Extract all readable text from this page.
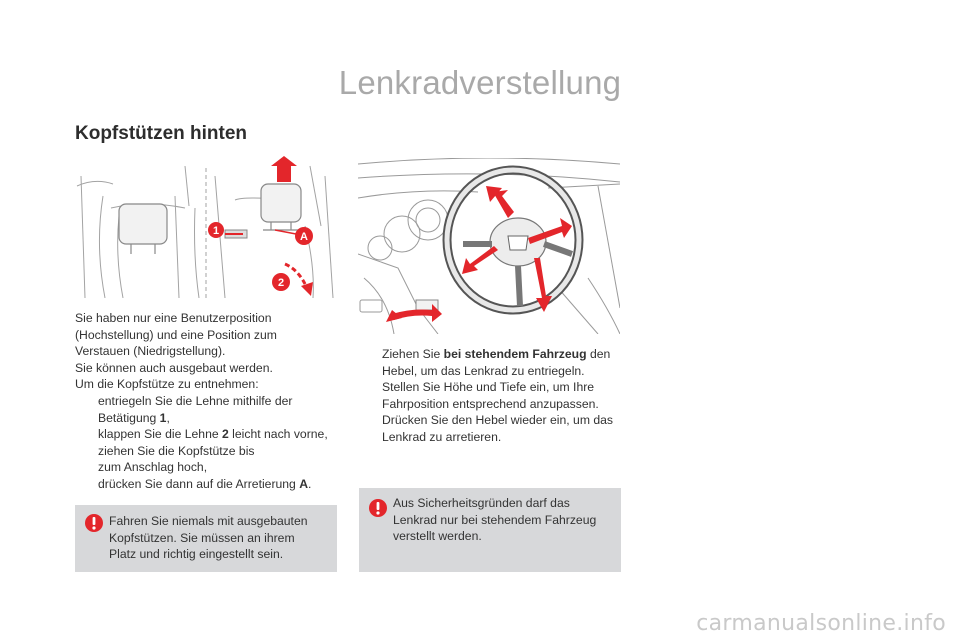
Lenkradverstellung
Kopfstützen hinten
1	A
2
Sie haben nur eine Benutzerposition
(Hochstellung) und eine Position zum
Verstauen (Niedrigstellung).
Sie können auch ausgebaut werden.
Um die Kopfstütze zu entnehmen:
entriegeln Sie die Lehne mithilfe der Betätigung 1,
klappen Sie die Lehne 2 leicht nach vorne,
ziehen Sie die Kopfstütze bis zum Anschlag hoch,
drücken Sie dann auf die Arretierung A.
Ziehen Sie bei stehendem Fahrzeug den Hebel, um das Lenkrad zu entriegeln.
Stellen Sie Höhe und Tiefe ein, um Ihre Fahrposition entsprechend anzupassen.
Drücken Sie den Hebel wieder ein, um das Lenkrad zu arretieren.
Fahren Sie niemals mit ausgebauten Kopfstützen. Sie müssen an ihrem Platz und richtig eingestellt sein.
Aus Sicherheitsgründen darf das Lenkrad nur bei stehendem Fahrzeug verstellt werden.
carmanualsonline.info
